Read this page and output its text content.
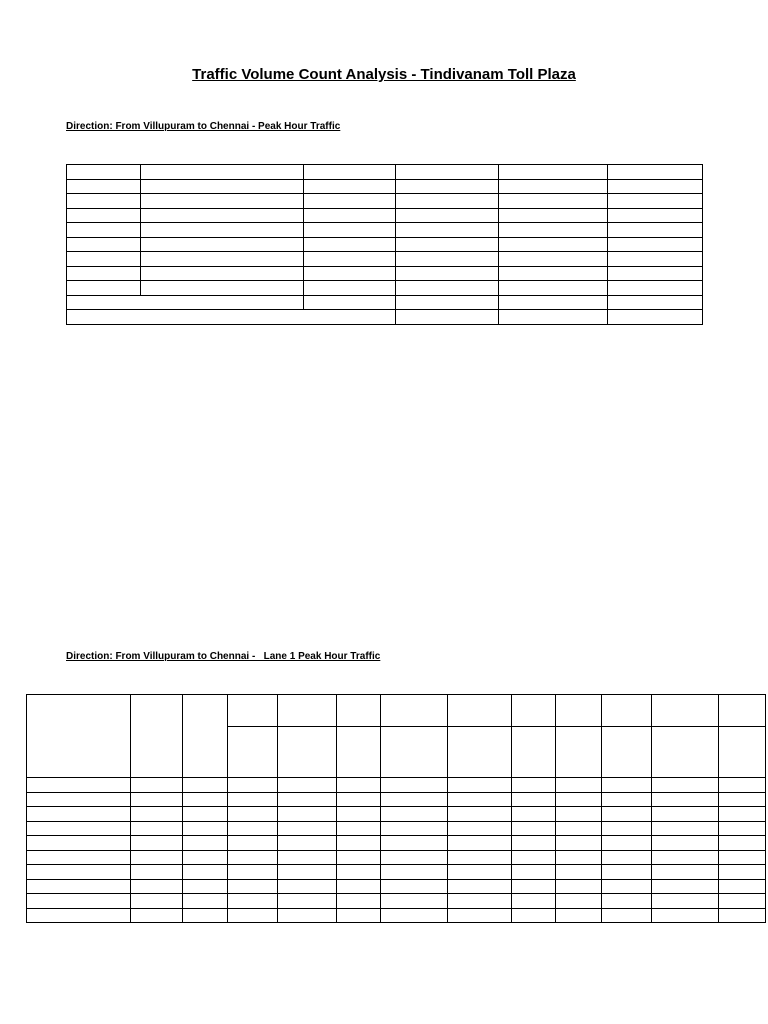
Traffic Volume Count Analysis - Tindivanam Toll Plaza
Direction: From Villupuram to Chennai - Peak Hour Traffic

Direction: From Villupuram to Chennai -   Lane 1 Peak Hour Traffic
